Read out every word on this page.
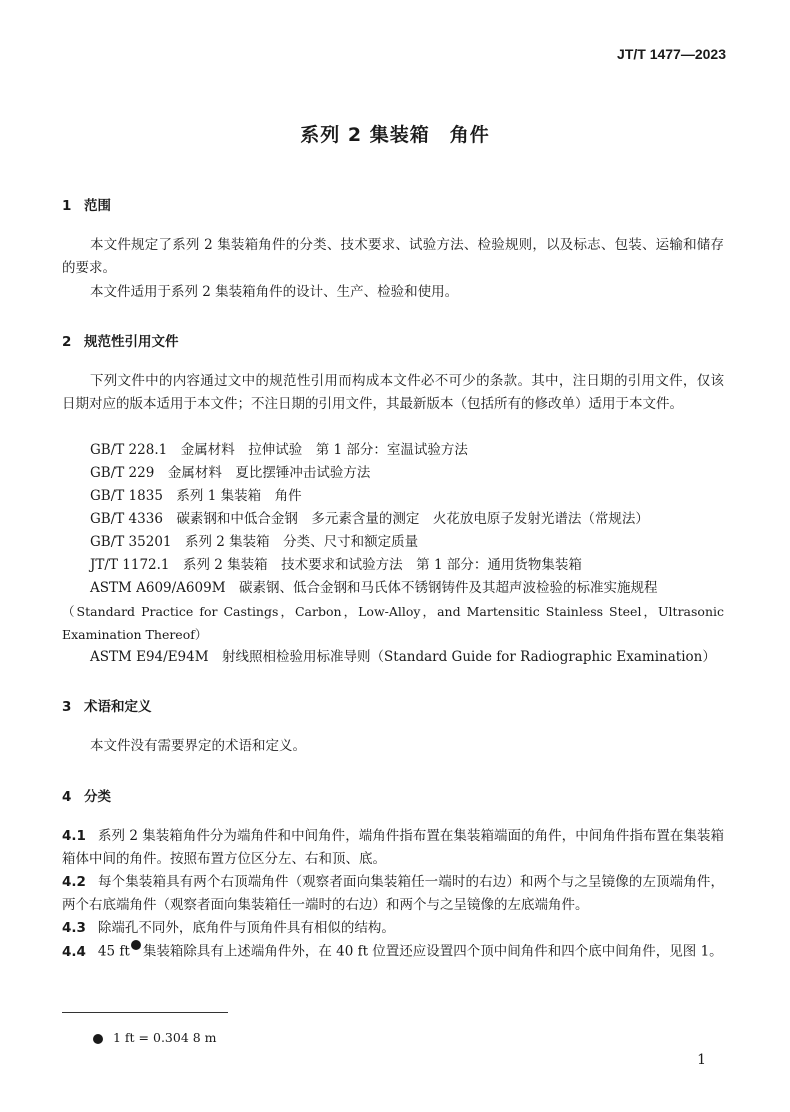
JT/T 1477—2023
系列 2 集装箱　角件
1 范围
本文件规定了系列 2 集装箱角件的分类、技术要求、试验方法、检验规则，以及标志、包装、运输和储存的要求。
本文件适用于系列 2 集装箱角件的设计、生产、检验和使用。
2 规范性引用文件
下列文件中的内容通过文中的规范性引用而构成本文件必不可少的条款。其中，注日期的引用文件，仅该日期对应的版本适用于本文件；不注日期的引用文件，其最新版本（包括所有的修改单）适用于本文件。
GB/T 228.1　金属材料　拉伸试验　第 1 部分：室温试验方法
GB/T 229　金属材料　夏比摆锤冲击试验方法
GB/T 1835　系列 1 集装箱　角件
GB/T 4336　碳素钢和中低合金钢　多元素含量的测定　火花放电原子发射光谱法（常规法）
GB/T 35201　系列 2 集装箱　分类、尺寸和额定质量
JT/T 1172.1　系列 2 集装箱　技术要求和试验方法　第 1 部分：通用货物集装箱
ASTM A609/A609M　碳素钢、低合金钢和马氏体不锈钢铸件及其超声波检验的标准实施规程
（Standard Practice for Castings，Carbon，Low-Alloy，and Martensitic Stainless Steel，Ultrasonic Examination Thereof）
ASTM E94/E94M　射线照相检验用标准导则（Standard Guide for Radiographic Examination）
3 术语和定义
本文件没有需要界定的术语和定义。
4 分类
4.1 系列 2 集装箱角件分为端角件和中间角件，端角件指布置在集装箱端面的角件，中间角件指布置在集装箱箱体中间的角件。按照布置方位区分左、右和顶、底。
4.2 每个集装箱具有两个右顶端角件（观察者面向集装箱任一端时的右边）和两个与之呈镜像的左顶端角件，两个右底端角件（观察者面向集装箱任一端时的右边）和两个与之呈镜像的左底端角件。
4.3 除端孔不同外，底角件与顶角件具有相似的结构。
4.4 45 ft 集装箱除具有上述端角件外，在 40 ft 位置还应设置四个顶中间角件和四个底中间角件，见图 1。
1 ft = 0.304 8 m
1
